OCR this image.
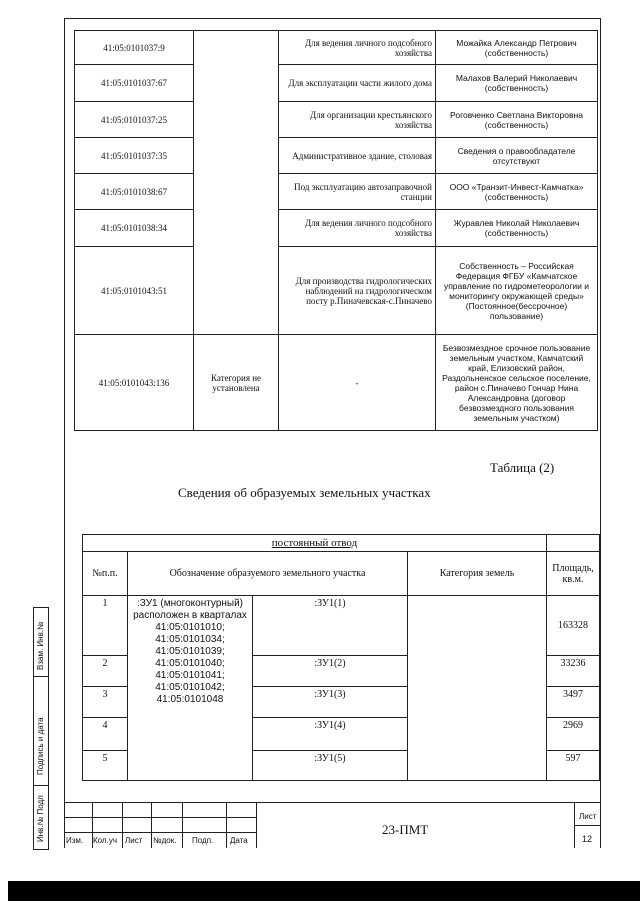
41:05:0101037:9		Для ведения личного подсобного хозяйства	Можайка Александр Петрович (собственность)
41:05:0101037:67		Для эксплуатации части жилого дома	Малахов Валерий Николаевич (собственность)
41:05:0101037:25		Для организации крестьянского хозяйства	Роговченко Светлана Викторовна (собственность)
41:05:0101037:35		Административное здание, столовая	Сведения о правообладателе отсутствуют
41:05:0101038:67		Под эксплуатацию автозаправочной станции	ООО «Транзит-Инвест-Камчатка» (собственность)
41:05:0101038:34		Для ведения личного подсобного хозяйства	Журавлев Николай Николаевич (собственность)
41:05:0101043:51		Для производства гидрологических наблюдений на гидрологическом посту р.Пиначевская-с.Пиначево	Собственность – Российская Федерация ФГБУ «Камчатское управление по гидрометеорологии и мониторингу окружающей среды» (Постоянное(бессрочное) пользование)
41:05:0101043:136	Категория не установлена	-	Безвозмездное срочное пользование земельным участком, Камчатский край, Елизовский район, Раздольненское сельское поселение, район с.Пиначево Гончар Нина Александровна (договор безвозмездного пользования земельным участком)
Таблица (2)
Сведения об образуемых земельных участках
постоянный отвод				
№п.п.	Обозначение образуемого земельного участка		Категория земель	Площадь, кв.м.
1	:ЗУ1 (многоконтурный) расположен в кварталах 41:05:0101010; 41:05:0101034; 41:05:0101039; 41:05:0101040; 41:05:0101041; 41:05:0101042; 41:05:0101048	:ЗУ1(1)		163328
2		:ЗУ1(2)		33236
3		:ЗУ1(3)		3497
4		:ЗУ1(4)		2969
5		:ЗУ1(5)		597
Взам. Инв.№
Подпись и дата
Инв.№ Подл	Изм. Кол.уч Лист №док. Подп. Дата
23-ПМТ
Лист
12
